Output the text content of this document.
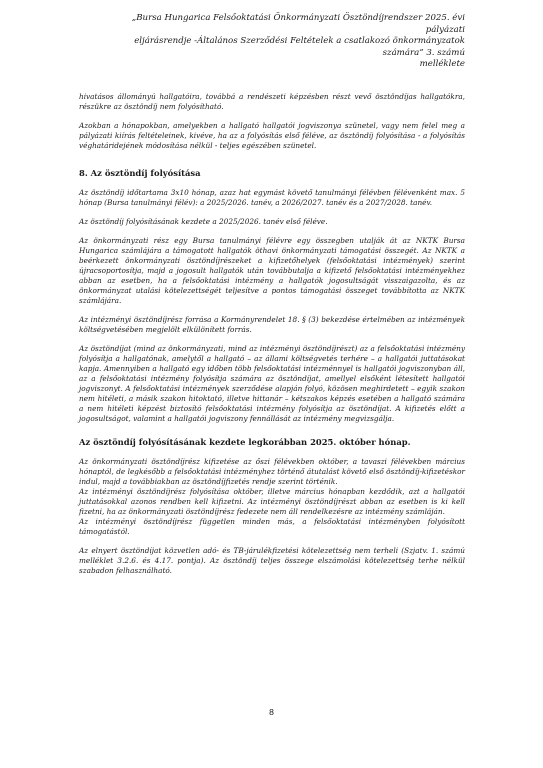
„Bursa Hungarica Felsőoktatási Önkormányzati Ösztöndíjrendszer 2025. évi pályázati
eljárásrendje -Általános Szerződési Feltételek a csatlakozó önkormányzatok számára” 3. számú
melléklete

hivatásos állományú hallgatóira, továbbá a rendészeti képzésben részt vevő ösztöndíjas hallgatókra, részükre az ösztöndíj nem folyósítható.

Azokban a hónapokban, amelyekben a hallgató hallgatói jogviszonya szünetel, vagy nem felel meg a pályázati kiírás feltételeinek, kivéve, ha az a folyósítás első féléve, az ösztöndíj folyósítása - a folyósítás véghatáridejének módosítása nélkül - teljes egészében szünetel.

8. Az ösztöndíj folyósítása

Az ösztöndíj időtartama 3x10 hónap, azaz hat egymást követő tanulmányi félévben félévenként max. 5 hónap (Bursa tanulmányi félév): a 2025/2026. tanév, a 2026/2027. tanév és a 2027/2028. tanév.

Az ösztöndíj folyósításának kezdete a 2025/2026. tanév első féléve.

Az önkormányzati rész egy Bursa tanulmányi félévre egy összegben utalják át az NKTK Bursa Hungarica számlájára a támogatott hallgatók öthavi önkormányzati támogatási összegét. Az NKTK a beérkezett önkormányzati ösztöndíjrészeket a kifizetőhelyek (felsőoktatási intézmények) szerint újracsoportosítja, majd a jogosult hallgatók után továbbutalja a kifizető felsőoktatási intézményekhez abban az esetben, ha a felsőoktatási intézmény a hallgatók jogosultságát visszaigazolta, és az önkormányzat utalási kötelezettségét teljesítve a pontos támogatási összeget továbbította az NKTK számlájára.

Az intézményi ösztöndíjrész forrása a Kormányrendelet 18. § (3) bekezdése értelmében az intézmények költségvetésében megjelölt elkülönített forrás.

Az ösztöndíjat (mind az önkormányzati, mind az intézményi ösztöndíjrészt) az a felsőoktatási intézmény folyósítja a hallgatónak, amelytől a hallgató – az állami költségvetés terhére – a hallgatói juttatásokat kapja. Amennyiben a hallgató egy időben több felsőoktatási intézménnyel is hallgatói jogviszonyban áll, az a felsőoktatási intézmény folyósítja számára az ösztöndíjat, amellyel elsőként létesített hallgatói jogviszonyt. A felsőoktatási intézmények szerződése alapján folyó, közösen meghirdetett – egyik szakon nem hitéleti, a másik szakon hitoktató, illetve hittanár – kétszakos képzés esetében a hallgató számára a nem hitéleti képzést biztosító felsőoktatási intézmény folyósítja az ösztöndíjat. A kifizetés előtt a jogosultságot, valamint a hallgatói jogviszony fennállását az intézmény megvizsgálja.

Az ösztöndíj folyósításának kezdete legkorábban 2025. október hónap.

Az önkormányzati ösztöndíjrész kifizetése az őszi félévekben október, a tavaszi félévekben március hónaptól, de legkésőbb a felsőoktatási intézményhez történő átutalást követő első ösztöndíj-kifizetéskor indul, majd a továbbiakban az ösztöndíjfizetés rendje szerint történik.

Az intézményi ösztöndíjrész folyósítása október, illetve március hónapban kezdődik, azt a hallgatói juttatásokkal azonos rendben kell kifizetni. Az intézményi ösztöndíjrészt abban az esetben is ki kell fizetni, ha az önkormányzati ösztöndíjrész fedezete nem áll rendelkezésre az intézmény számláján.

Az intézményi ösztöndíjrész független minden más, a felsőoktatási intézményben folyósított támogatástól.

Az elnyert ösztöndíjat közvetlen adó- és TB-járulékfizetési kötelezettség nem terheli (Szjatv. 1. számú melléklet 3.2.6. és 4.17. pontja). Az ösztöndíj teljes összege elszámolási kötelezettség terhe nélkül szabadon felhasználható.

8
